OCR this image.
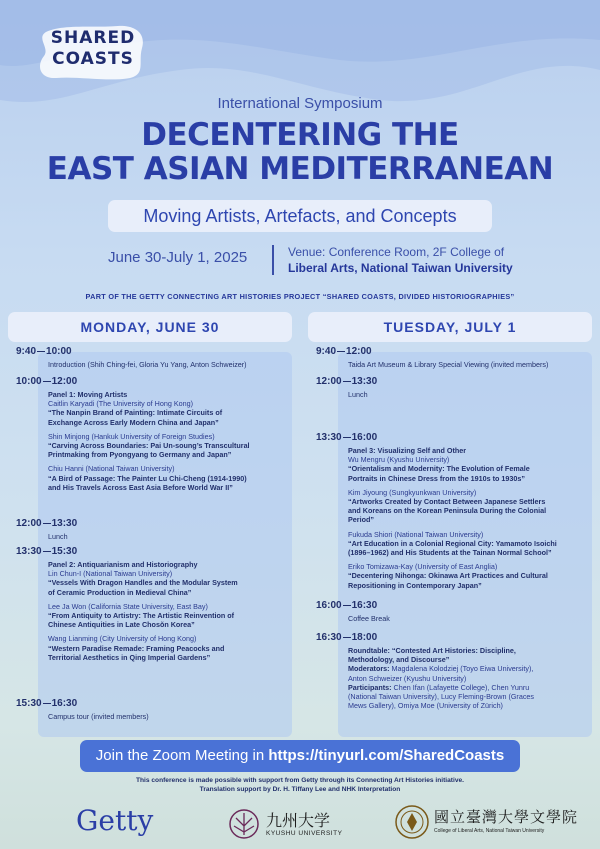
SHARED
COASTS
International Symposium
DECENTERING THE
EAST ASIAN MEDITERRANEAN
Moving Artists, Artefacts, and Concepts
June 30-July 1, 2025	Venue: Conference Room, 2F College of
Liberal Arts, National Taiwan University
PART OF THE GETTY CONNECTING ART HISTORIES PROJECT “SHARED COASTS, DIVIDED HISTORIOGRAPHIES”
MONDAY, JUNE 30	TUESDAY, JULY 1
9:40 10:00
Introduction (Shih Ching-fei, Gloria Yu Yang, Anton Schweizer)
10:00 12:00
Panel 1: Moving Artists
Caitlin Karyadi (The University of Hong Kong)
“The Nanpin Brand of Painting: Intimate Circuits of
Exchange Across Early Modern China and Japan”
Shin Minjong (Hankuk University of Foreign Studies)
“Carving Across Boundaries: Pai Un-soung’s Transcultural
Printmaking from Pyongyang to Germany and Japan”
Chiu Hanni (National Taiwan University)
“A Bird of Passage: The Painter Lu Chi-Cheng (1914-1990)
and His Travels Across East Asia Before World War II”
12:00 13:30
Lunch
13:30 15:30
Panel 2: Antiquarianism and Historiography
Lin Chun-I (National Taiwan University)
“Vessels With Dragon Handles and the Modular System
of Ceramic Production in Medieval China”
Lee Ja Won (California State University, East Bay)
“From Antiquity to Artistry: The Artistic Reinvention of
Chinese Antiquities in Late Chosŏn Korea”
Wang Lianming (City University of Hong Kong)
“Western Paradise Remade: Framing Peacocks and
Territorial Aesthetics in Qing Imperial Gardens”
15:30 16:30
Campus tour (invited members)
9:40 12:00
Taida Art Museum & Library Special Viewing (invited members)
12:00 13:30
Lunch
13:30 16:00
Panel 3: Visualizing Self and Other
Wu Mengru (Kyushu University)
“Orientalism and Modernity: The Evolution of Female
Portraits in Chinese Dress from the 1910s to 1930s”
Kim Jiyoung (Sungkyunkwan University)
“Artworks Created by Contact Between Japanese Settlers
and Koreans on the Korean Peninsula During the Colonial
Period”
Fukuda Shiori (National Taiwan University)
“Art Education in a Colonial Regional City: Yamamoto Isoichi
(1896–1962) and His Students at the Tainan Normal School”
Eriko Tomizawa-Kay (University of East Anglia)
“Decentering Nihonga: Okinawa Art Practices and Cultural
Repositioning in Contemporary Japan”
16:00 16:30
Coffee Break
16:30 18:00
Roundtable: “Contested Art Histories: Discipline,
Methodology, and Discourse”
Moderators: Magdalena Kolodziej (Toyo Eiwa University),
Anton Schweizer (Kyushu University)
Participants: Chen Ifan (Lafayette College), Chen Yunru
(National Taiwan University), Lucy Fleming-Brown (Graces
Mews Gallery), Omiya Moe (University of Zürich)
Join the Zoom Meeting in https://tinyurl.com/SharedCoasts
This conference is made possible with support from Getty through its Connecting Art Histories initiative.
Translation support by Dr. H. Tiffany Lee and NHK Interpretation
Getty	九州大学
KYUSHU UNIVERSITY
國立臺灣大學文學院
College of Liberal Arts, National Taiwan University
